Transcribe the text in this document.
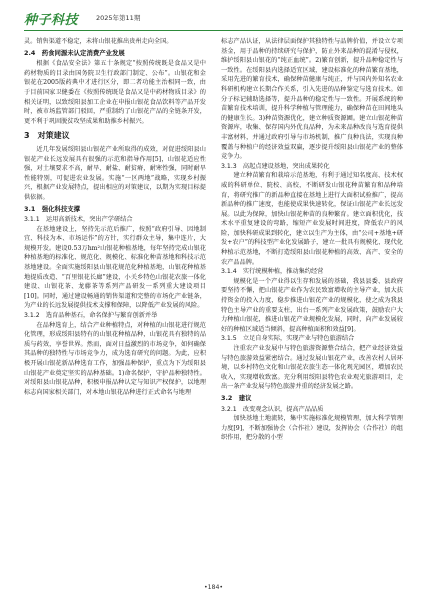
种子科技	2025年第11期

灵。销售渠道不稳定，未将山银花推出贵州走向全国。

2.4　药食同源未认定消费产业发展

根据《食品安全法》第五十条规定“按照传统既是食品又是中药材物质的目录由国务院卫生行政部门制定、公布”。山银花和金银花在2005版药典中才进行区分，即二者功能主治相同一致，由于目前国家卫健委在《按照传统既是食品又是中药材物质目录》的相关证明，以致绥阳县加工企业在申报山银花食品饮料等产品开发时，被市场监管部门驳回，严重制约了山银花产品的全链条开发，更不利于巩固脱贫攻坚成果和助推乡村振兴。

3　对策建议

近几年发展绥阳县山银花产业所取得的成效，对促进绥阳县山银花产业长远发展具有很强的示范和指导作用[5]，山银花适应性强，对土壤要求不高，耐旱、耐盐、耐贫瘠，耐寒性强，同时耐旱性能特别，可促进农业发展。实施“一区两地”战略，实现乡村振兴，根据产业发展特点，提出相应的对策建议，以期为实现目标提供依据。

3.1　强化科技支撑
3.1.1　运用高新技术，突出产学研结合

在基地建设上，坚持先示范后推广，按照“政府引导、因地制宜、科技为本、市场运作”的方针，实行群众主导，集中连片，大规模开发。建设0.53万hm²山银花种植基地，每年坚持完成山银花种植基地的标准化、规范化、规模化、标准化种苗基地和科技示范基地建设。全面实施绥阳县山银花规范化种植基地，山银花种植基地提质改造、“百里银花长廊”建设，小关乡特色山银花农旅一体化建设、山银花茶、龙藤茶等系列产品研发一系列重大建设项目[10]。同时，通过建设畅通的销售渠道和完整的市场化产业链条，为产业的长远发展提供技术支撑和保障，以降低产业发展的风险。

3.1.2　选育品种基石，命名保护与繁育创新并举

在品种选育上，结合产业种植特点，对种植的山银花进行规范化管理，形成绥阳县特有的山银花种植品种，山银花具有独特的品质与药效，享誉世界。然而，面对日益激烈的市场竞争，如何确保其品种的独特性与市场竞争力，成为选育研究的问题。为此，应积极开展山银花新品种选育工作，加强品种保护，重点为下为绥阳县山银花产业奠定坚实的品种基础。1)命名保护，守护品种独特性。对绥阳县山银花品种，积极申报品种认定与知识产权保护，以地理标志向国家相关部门，对本地山银花品种进行正式命名与地理

标志产品认证，从法律层面保护其独特性与品牌价值，并设立专项基金，用于品种的持续研究与保护，防止外来品种的混淆与侵权，维护绥阳县山银花的“纯正血统”。2)繁育创新，提升品种稳定性与一致性。在绥阳县内选择适宜区域，建设标准化的种苗繁育基地，采用先进的繁育技术，确保种苗健康与纯正，并与国内外知名农业科研机构建立长期合作关系，引入先进的品种鉴定与选育技术。如分子标记辅助选择等，提升品种的稳定性与一致性。开展系统的种苗繁育技术培训，提升科学种植与管理能力，确保种苗在田间地头的健康生长。3)种苗资源优化，建立种质资源圃。建立山银花种苗资源库，收集、保存国内外优良品种，为未来品种改良与选育提供丰富材料，并通过政府引导与市场机制，推广良种良法，实现良种覆盖与种植户的经济效益双赢，逐步提升绥阳县山银花产业的整体竞争力。

3.1.3　高起点建设基地，突出成果转化

建立种苗繁育和栽培示范基地，有利于通过知名度高、技术权威的科研单位、院校、高校，不断研发山银花种苗繁育和品种培育，将研究推广的新品种直接在基地上进行大面积试验推广，提高新品种的推广速度，也能使成果快速转化，保证山银花产业长远发展。以此为保障，加快山银花种苗的良种繁育。建立面积优化，技术水平重复建设的弯路，缩短产业发展时间进度，降低农户的风险，加快科研成果到转化，建立以生产为主体，由“公司+基地+研发+农户”的科技型产业化发展路子，建立一批具有规模化、现代化种植示范基地，不断打造绥阳县山银花种植的高效、高产、安全的农产品品牌。

3.1.4　实行统模种植，推动集约经营

规模化是一个产业得以生存和发展的基础，我县县委、县政府要坚持不懈，把山银花产业作为农民致富增收的主导产业，加大扶持资金的投入力度，稳步推进山银花产业的规模化，使之成为我县特色主导产业的重要支柱，出台一系列产业发展政策，鼓励农户大力种植山银花，推进山银花产业规模化发展，同时，向产业发展较好的种植区域适当倾斜，提高种植面积和效益[9]。

3.1.5　立足自身实际，实现产业与特色旅游结合

注重农产业发展中与特色旅游资源整合结合，把产业经济效益与特色旅游效益紧密结合。通过发展山银花产业，改善农村人居环境，以乡村特色文化和山银花农旅生态一体化观光园区，增加农民收入，实现增收致富。充分利用绥阳县特色农业观光旅游项目，走出一条产业发展与特色旅游并重的经济发展之路。

3.2　建议
3.2.1　改变观念认识，提高产品品质

加快基地土地流转，集中实施标准化规模管理，加大科学管理力度[9]，不断加强协会（合作社）建设，发挥协会（合作社）的组织作用，把分散的小型

•184•
